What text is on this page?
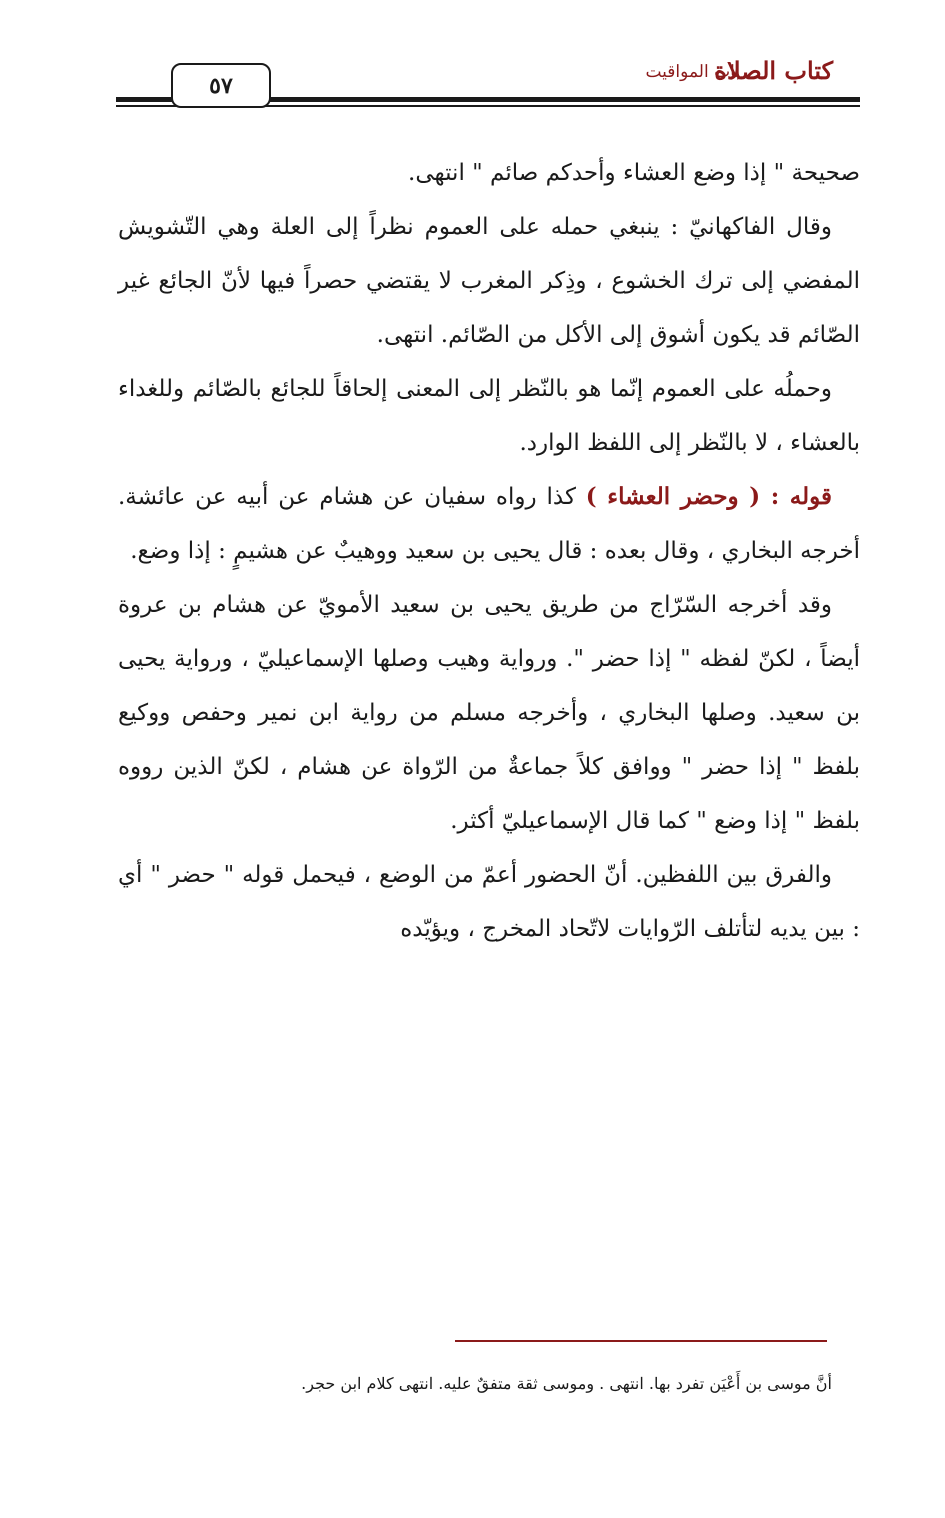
كتاب الصلاة
باب المواقيت
٥٧

صحيحة " إذا وضع العشاء وأحدكم صائم " انتهى.

وقال الفاكهانيّ : ينبغي حمله على العموم نظراً إلى العلة وهي التّشويش المفضي إلى ترك الخشوع ، وذِكر المغرب لا يقتضي حصراً فيها لأنّ الجائع غير الصّائم قد يكون أشوق إلى الأكل من الصّائم. انتهى.

وحملُه على العموم إنّما هو بالنّظر إلى المعنى إلحاقاً للجائع بالصّائم وللغداء بالعشاء ، لا بالنّظر إلى اللفظ الوارد.

قوله : ( وحضر العشاء ) كذا رواه سفيان عن هشام عن أبيه عن عائشة. أخرجه البخاري ، وقال بعده : قال يحيى بن سعيد ووهيبٌ عن هشيمٍ : إذا وضع.

وقد أخرجه السّرّاج من طريق يحيى بن سعيد الأمويّ عن هشام بن عروة أيضاً ، لكنّ لفظه " إذا حضر ". ورواية وهيب وصلها الإسماعيليّ ، ورواية يحيى بن سعيد. وصلها البخاري ، وأخرجه مسلم من رواية ابن نمير وحفص ووكيع بلفظ " إذا حضر " ووافق كلاً جماعةٌ من الرّواة عن هشام ، لكنّ الذين رووه بلفظ " إذا وضع " كما قال الإسماعيليّ أكثر.

والفرق بين اللفظين. أنّ الحضور أعمّ من الوضع ، فيحمل قوله " حضر " أي : بين يديه لتأتلف الرّوايات لاتّحاد المخرج ، ويؤيّده

أنَّ موسى بن أَعْيَن تفرد بها. انتهى . وموسى ثقة متفقٌ عليه. انتهى كلام ابن حجر.
